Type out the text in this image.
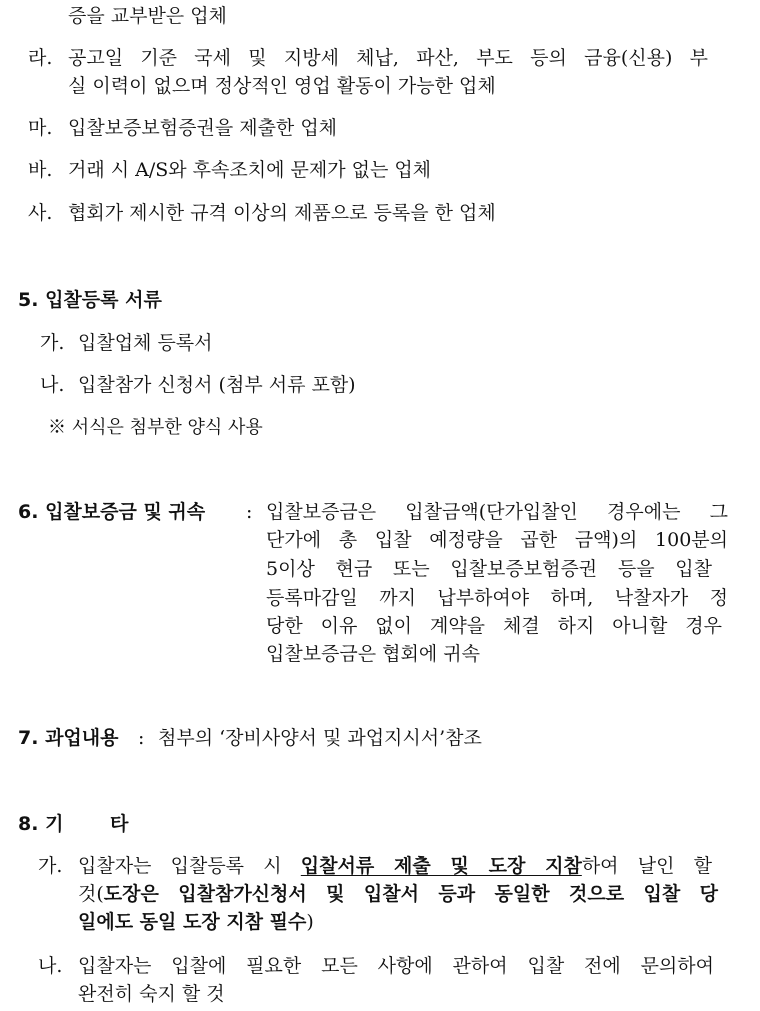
증을 교부받은 업체
라. 공고일 기준 국세 및 지방세 체납, 파산, 부도 등의 금융(신용) 부
실 이력이 없으며 정상적인 영업 활동이 가능한 업체
마. 입찰보증보험증권을 제출한 업체
바. 거래 시 A/S와 후속조치에 문제가 없는 업체
사. 협회가 제시한 규격 이상의 제품으로 등록을 한 업체
5. 입찰등록 서류
가. 입찰업체 등록서
나. 입찰참가 신청서 (첨부 서류 포함)
※ 서식은 첨부한 양식 사용
6. 입찰보증금 및 귀속 : 입찰보증금은 입찰금액(단가입찰인 경우에는 그
단가에 총 입찰 예정량을 곱한 금액)의 100분의
5이상 현금 또는 입찰보증보험증권 등을 입찰
등록마감일 까지 납부하여야 하며, 낙찰자가 정
당한 이유 없이 계약을 체결 하지 아니할 경우
입찰보증금은 협회에 귀속
7. 과업내용 : 첨부의 ‘장비사양서 및 과업지시서’참조
8. 기 타
가. 입찰자는 입찰등록 시 입찰서류 제출 및 도장 지참하여 날인 할
것(도장은 입찰참가신청서 및 입찰서 등과 동일한 것으로 입찰 당
일에도 동일 도장 지참 필수)
나. 입찰자는 입찰에 필요한 모든 사항에 관하여 입찰 전에 문의하여
완전히 숙지 할 것
